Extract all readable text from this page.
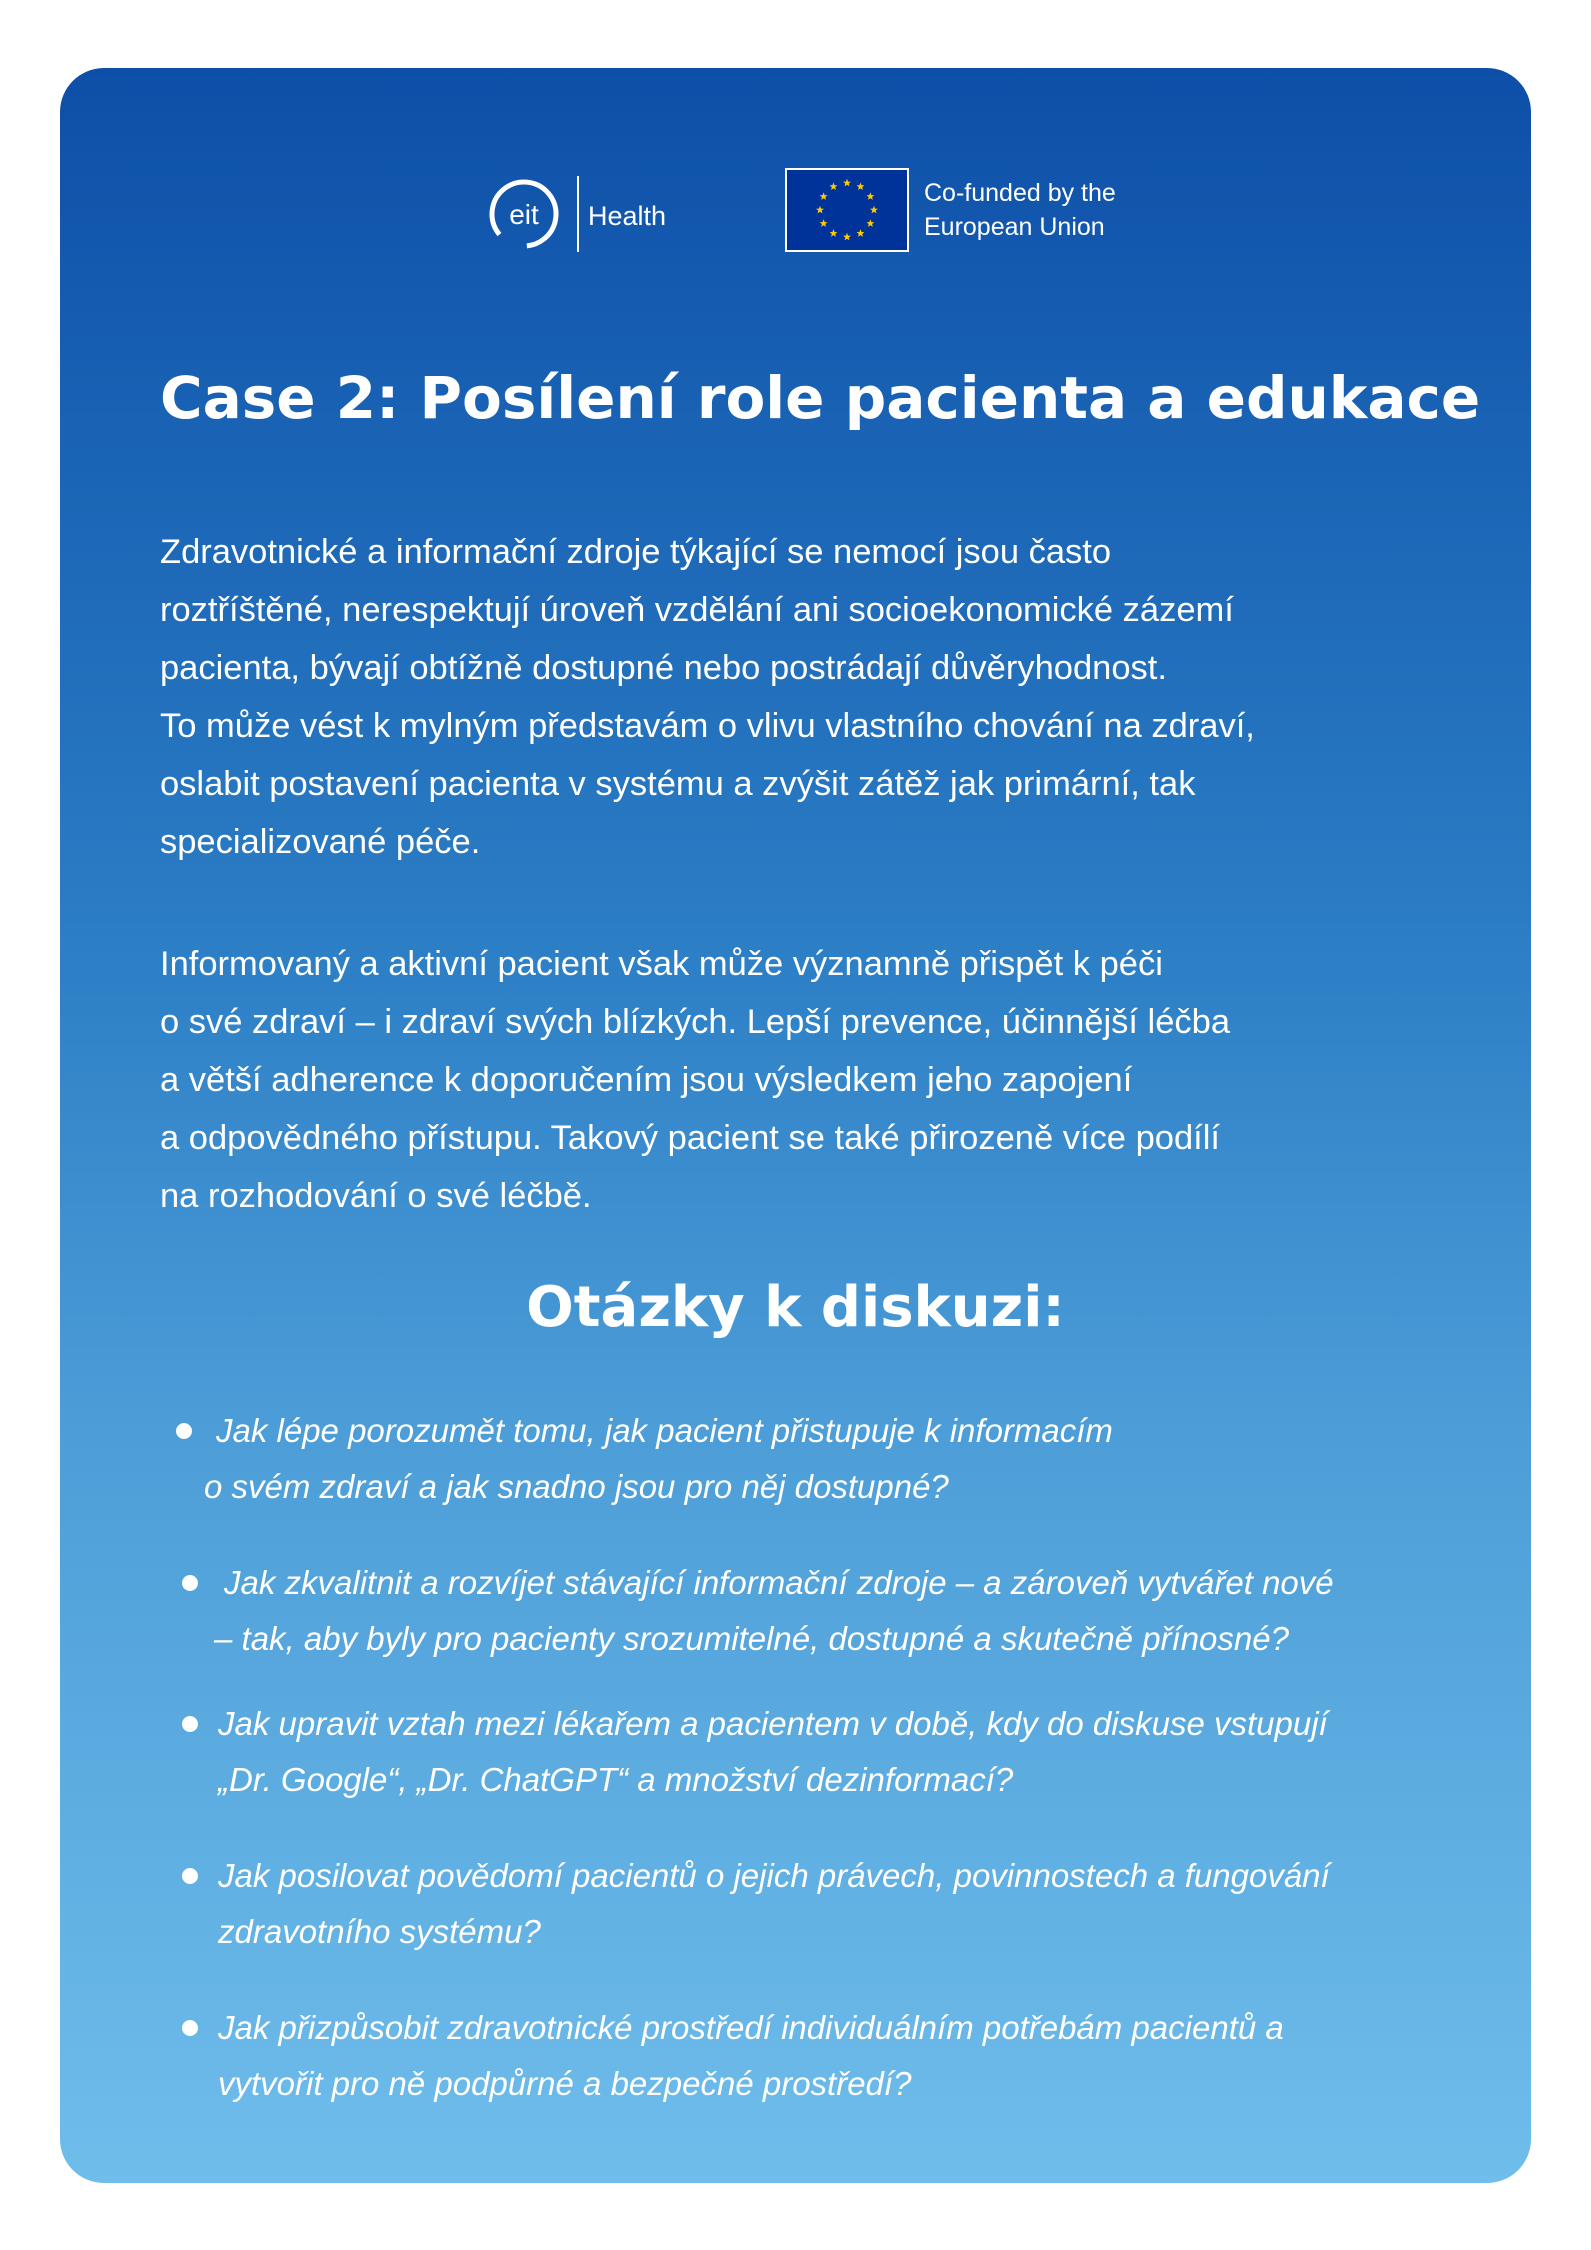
eit Health
Co-funded by the
European Union
Case 2: Posílení role pacienta a edukace
Zdravotnické a informační zdroje týkající se nemocí jsou často
roztříštěné, nerespektují úroveň vzdělání ani socioekonomické zázemí
pacienta, bývají obtížně dostupné nebo postrádají důvěryhodnost.
To může vést k mylným představám o vlivu vlastního chování na zdraví,
oslabit postavení pacienta v systému a zvýšit zátěž jak primární, tak
specializované péče.
Informovaný a aktivní pacient však může významně přispět k péči
o své zdraví – i zdraví svých blízkých. Lepší prevence, účinnější léčba
a větší adherence k doporučením jsou výsledkem jeho zapojení
a odpovědného přístupu. Takový pacient se také přirozeně více podílí
na rozhodování o své léčbě.
Otázky k diskuzi:
Jak lépe porozumět tomu, jak pacient přistupuje k informacím
o svém zdraví a jak snadno jsou pro něj dostupné?
Jak zkvalitnit a rozvíjet stávající informační zdroje – a zároveň vytvářet nové
– tak, aby byly pro pacienty srozumitelné, dostupné a skutečně přínosné?
Jak upravit vztah mezi lékařem a pacientem v době, kdy do diskuse vstupují
„Dr. Google“, „Dr. ChatGPT“ a množství dezinformací?
Jak posilovat povědomí pacientů o jejich právech, povinnostech a fungování
zdravotního systému?
Jak přizpůsobit zdravotnické prostředí individuálním potřebám pacientů a
vytvořit pro ně podpůrné a bezpečné prostředí?
